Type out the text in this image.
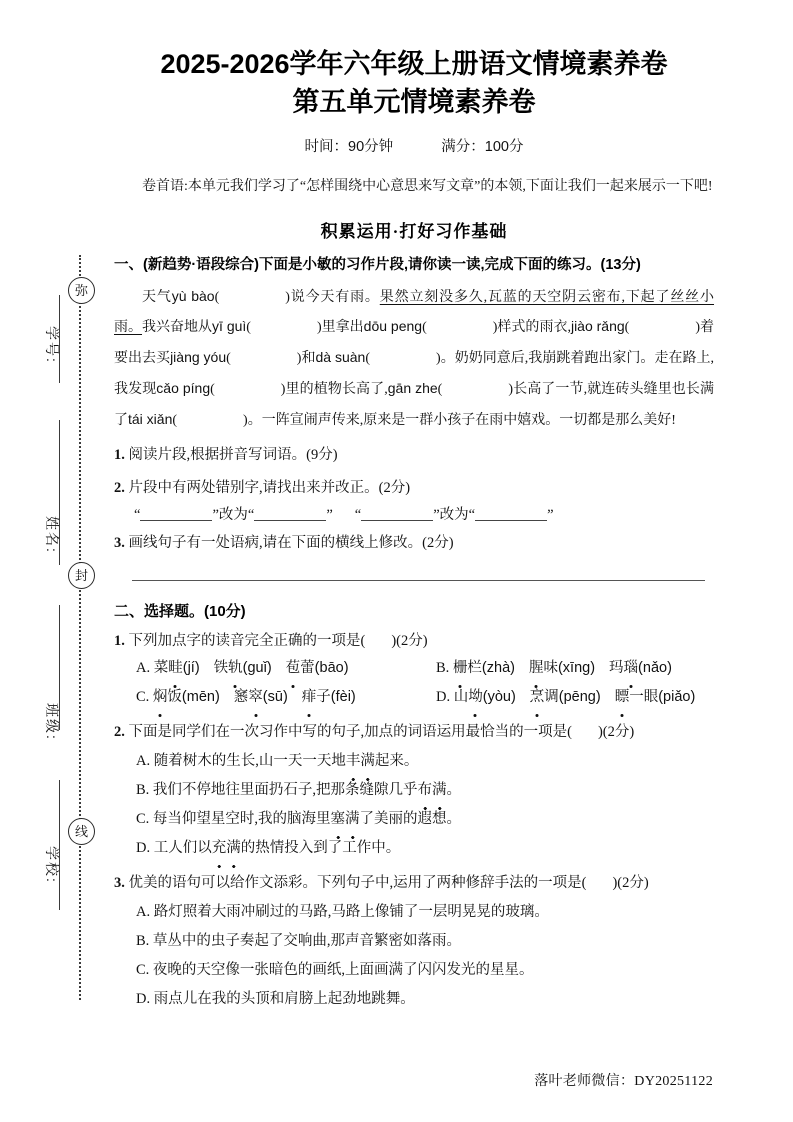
弥
封
线
学号:
姓名:
班级:
学校:
2025-2026学年六年级上册语文情境素养卷
第五单元情境素养卷
时间：90分钟	满分：100分
卷首语:本单元我们学习了“怎样围绕中心意思来写文章”的本领,下面让我们一起来展示一下吧!
积累运用·打好习作基础
一、(新趋势·语段综合)下面是小敏的习作片段,请你读一读,完成下面的练习。(13分)
天气yù bào(	)说今天有雨。果然立刻没多久,瓦蓝的天空阴云密布,下起了丝丝小雨。我兴奋地从yī guì(	)里拿出dōu peng(	)样式的雨衣,jiào rǎng(	)着要出去买jiàng yóu(	)和dà suàn(	)。奶奶同意后,我崩跳着跑出家门。走在路上,我发现cǎo píng(	)里的植物长高了,gān zhe(	)长高了一节,就连砖头缝里也长满了tái xiǎn(	)。一阵宣闹声传来,原来是一群小孩子在雨中嬉戏。一切都是那么美好!
1. 阅读片段,根据拼音写词语。(9分)
2. 片段中有两处错别字,请找出来并改正。(2分)
“	”改为“	” “	”改为“	”
3. 画线句子有一处语病,请在下面的横线上修改。(2分)
二、选择题。(10分)
1. 下列加点字的读音完全正确的一项是( )(2分)
A. 菜畦(jí) 铁轨(guǐ) 苞蕾(bāo)	B. 栅栏(zhà) 腥味(xīng) 玛瑙(nǎo)
C. 焖饭(mēn) 窸窣(sū) 痱子(fèi)	D. 山坳(yòu) 烹调(pēng) 瞟一眼(piǎo)
2. 下面是同学们在一次习作中写的句子,加点的词语运用最恰当的一项是( )(2分)
A. 随着树木的生长,山一天一天地丰满起来。
B. 我们不停地往里面扔石子,把那条缝隙几乎布满。
C. 每当仰望星空时,我的脑海里塞满了美丽的遐想。
D. 工人们以充满的热情投入到了工作中。
3. 优美的语句可以给作文添彩。下列句子中,运用了两种修辞手法的一项是( )(2分)
A. 路灯照着大雨冲刷过的马路,马路上像铺了一层明晃晃的玻璃。
B. 草丛中的虫子奏起了交响曲,那声音繁密如落雨。
C. 夜晚的天空像一张暗色的画纸,上面画满了闪闪发光的星星。
D. 雨点儿在我的头顶和肩膀上起劲地跳舞。
落叶老师微信：DY20251122
